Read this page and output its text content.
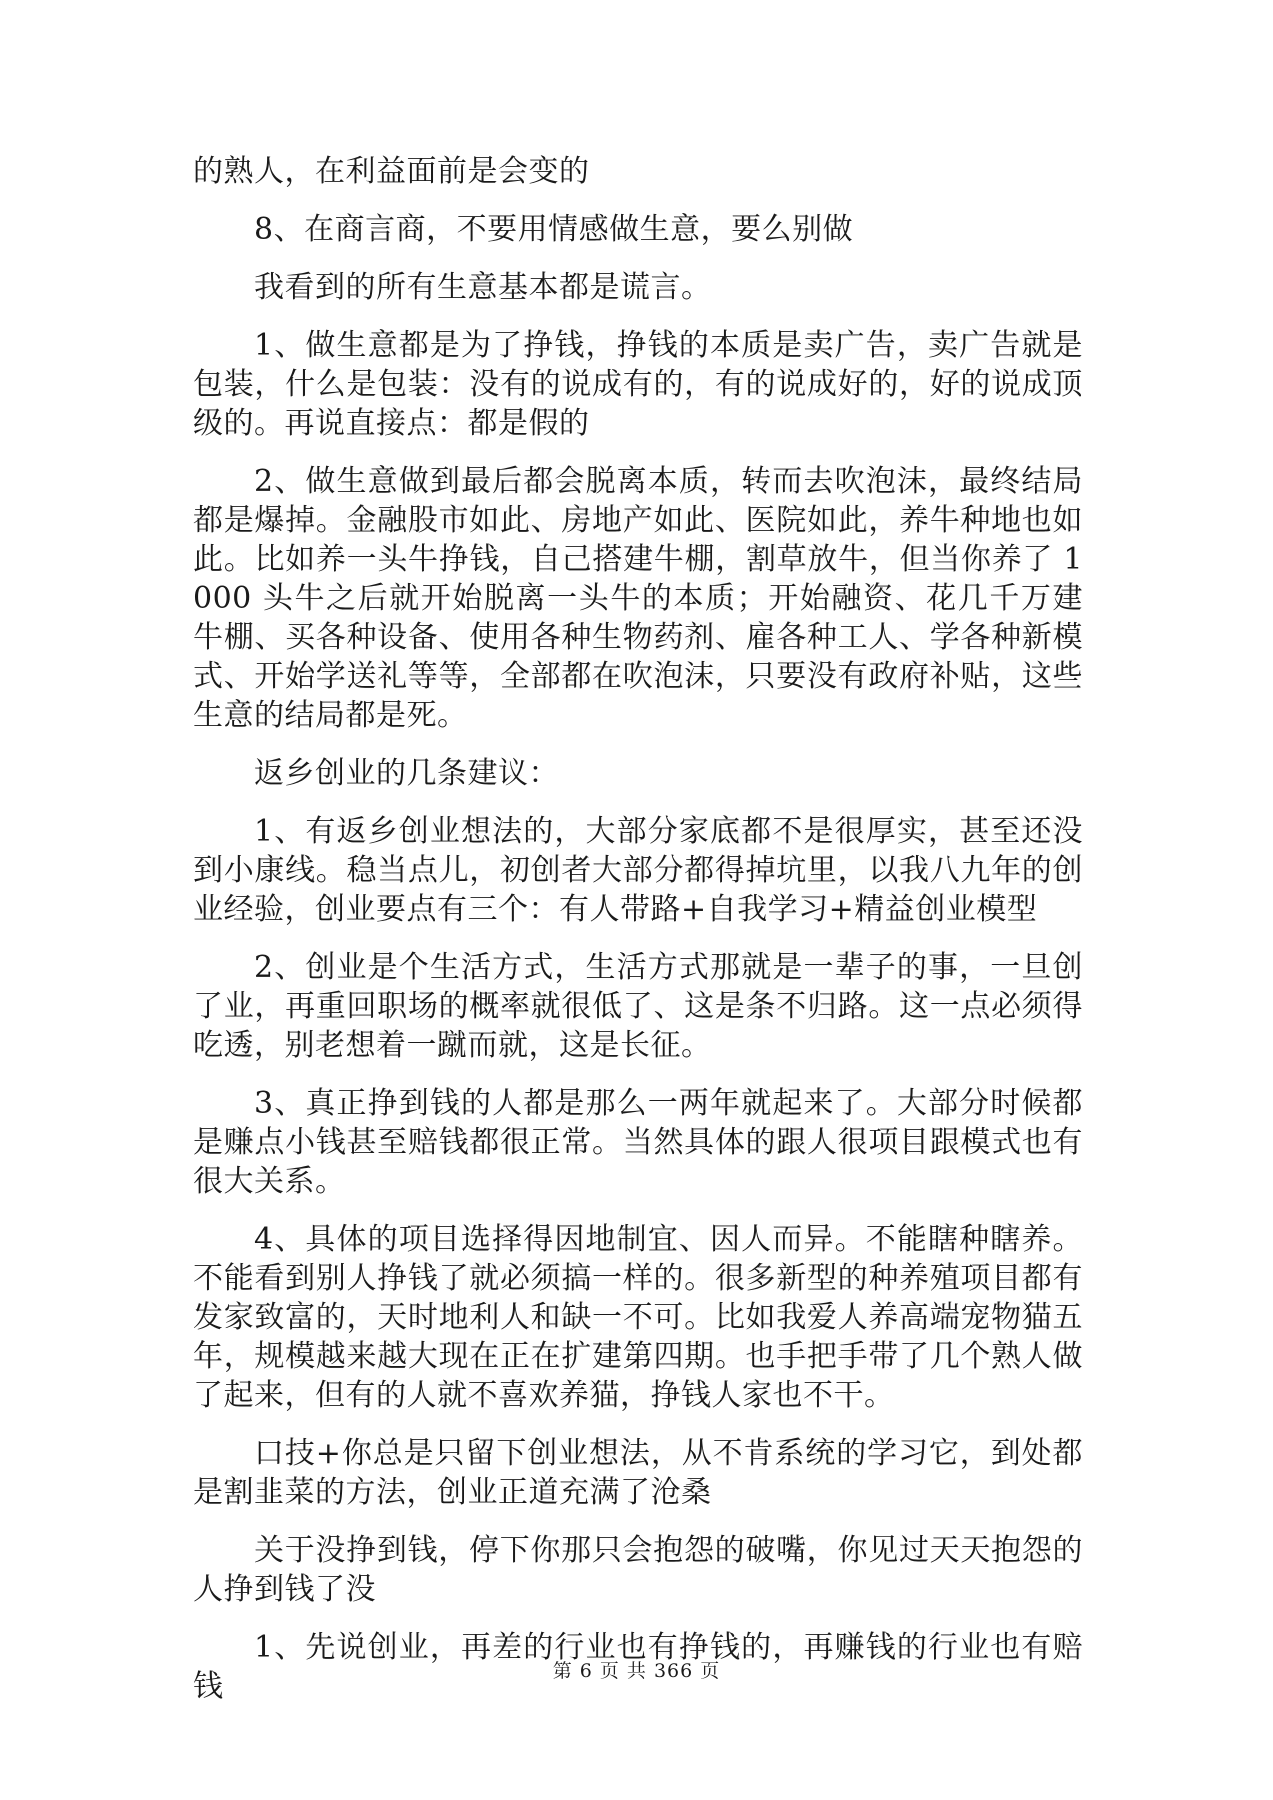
的熟人，在利益面前是会变的

8、在商言商，不要用情感做生意，要么别做

我看到的所有生意基本都是谎言。

1、做生意都是为了挣钱，挣钱的本质是卖广告，卖广告就是包装，什么是包装：没有的说成有的，有的说成好的，好的说成顶级的。再说直接点：都是假的

2、做生意做到最后都会脱离本质，转而去吹泡沫，最终结局都是爆掉。金融股市如此、房地产如此、医院如此，养牛种地也如此。比如养一头牛挣钱，自己搭建牛棚，割草放牛，但当你养了 1000 头牛之后就开始脱离一头牛的本质；开始融资、花几千万建牛棚、买各种设备、使用各种生物药剂、雇各种工人、学各种新模式、开始学送礼等等，全部都在吹泡沫，只要没有政府补贴，这些生意的结局都是死。

返乡创业的几条建议：

1、有返乡创业想法的，大部分家底都不是很厚实，甚至还没到小康线。稳当点儿，初创者大部分都得掉坑里，以我八九年的创业经验，创业要点有三个：有人带路+自我学习+精益创业模型

2、创业是个生活方式，生活方式那就是一辈子的事，一旦创了业，再重回职场的概率就很低了、这是条不归路。这一点必须得吃透，别老想着一蹴而就，这是长征。

3、真正挣到钱的人都是那么一两年就起来了。大部分时候都是赚点小钱甚至赔钱都很正常。当然具体的跟人很项目跟模式也有很大关系。

4、具体的项目选择得因地制宜、因人而异。不能瞎种瞎养。不能看到别人挣钱了就必须搞一样的。很多新型的种养殖项目都有发家致富的，天时地利人和缺一不可。比如我爱人养高端宠物猫五年，规模越来越大现在正在扩建第四期。也手把手带了几个熟人做了起来，但有的人就不喜欢养猫，挣钱人家也不干。

口技+你总是只留下创业想法，从不肯系统的学习它，到处都是割韭菜的方法，创业正道充满了沧桑

关于没挣到钱，停下你那只会抱怨的破嘴，你见过天天抱怨的人挣到钱了没

1、先说创业，再差的行业也有挣钱的，再赚钱的行业也有赔钱	第 6 页 共 366 页
